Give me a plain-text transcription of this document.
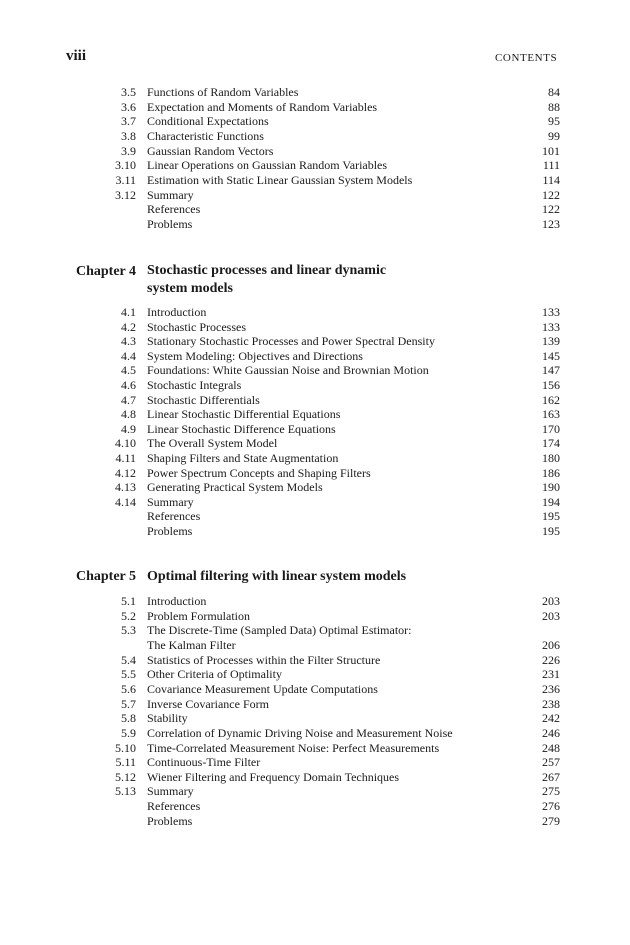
viii	CONTENTS
3.5 Functions of Random Variables	84
3.6 Expectation and Moments of Random Variables	88
3.7 Conditional Expectations	95
3.8 Characteristic Functions	99
3.9 Gaussian Random Vectors	101
3.10 Linear Operations on Gaussian Random Variables	111
3.11 Estimation with Static Linear Gaussian System Models	114
3.12 Summary	122
References	122
Problems	123
Chapter 4 Stochastic processes and linear dynamic
system models
4.1 Introduction	133
4.2 Stochastic Processes	133
4.3 Stationary Stochastic Processes and Power Spectral Density	139
4.4 System Modeling: Objectives and Directions	145
4.5 Foundations: White Gaussian Noise and Brownian Motion	147
4.6 Stochastic Integrals	156
4.7 Stochastic Differentials	162
4.8 Linear Stochastic Differential Equations	163
4.9 Linear Stochastic Difference Equations	170
4.10 The Overall System Model	174
4.11 Shaping Filters and State Augmentation	180
4.12 Power Spectrum Concepts and Shaping Filters	186
4.13 Generating Practical System Models	190
4.14 Summary	194
References	195
Problems	195
Chapter 5 Optimal filtering with linear system models
5.1 Introduction	203
5.2 Problem Formulation	203
5.3 The Discrete-Time (Sampled Data) Optimal Estimator:
The Kalman Filter	206
5.4 Statistics of Processes within the Filter Structure	226
5.5 Other Criteria of Optimality	231
5.6 Covariance Measurement Update Computations	236
5.7 Inverse Covariance Form	238
5.8 Stability	242
5.9 Correlation of Dynamic Driving Noise and Measurement Noise	246
5.10 Time-Correlated Measurement Noise: Perfect Measurements	248
5.11 Continuous-Time Filter	257
5.12 Wiener Filtering and Frequency Domain Techniques	267
5.13 Summary	275
References	276
Problems	279
